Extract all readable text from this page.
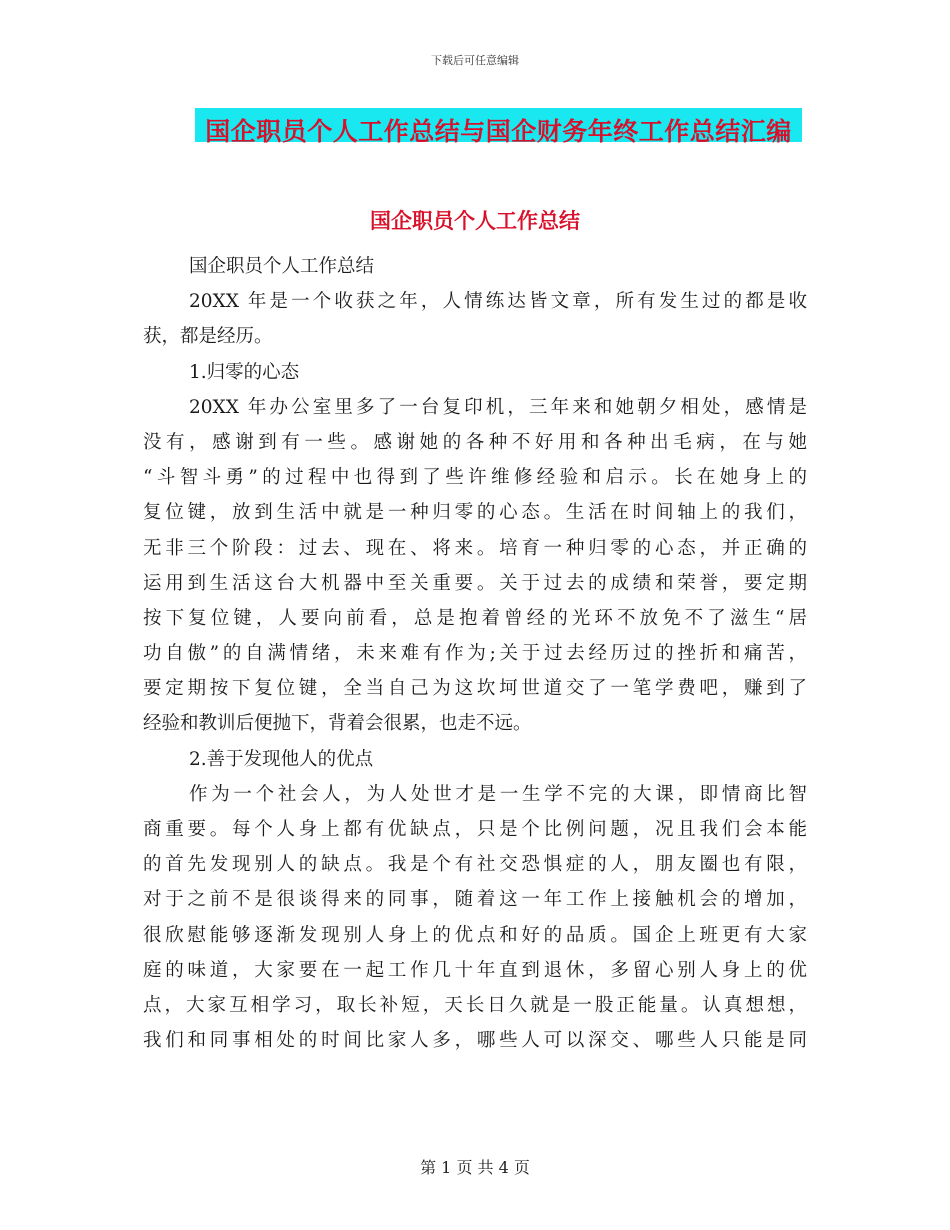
下载后可任意编辑
国企职员个人工作总结与国企财务年终工作总结汇编
国企职员个人工作总结
国企职员个人工作总结
20XX 年是一个收获之年，人情练达皆文章，所有发生过的都是收
获，都是经历。
1.归零的心态
20XX 年办公室里多了一台复印机，三年来和她朝夕相处，感情是
没有，感谢到有一些。感谢她的各种不好用和各种出毛病，在与她
“斗智斗勇”的过程中也得到了些许维修经验和启示。长在她身上的
复位键，放到生活中就是一种归零的心态。生活在时间轴上的我们，
无非三个阶段：过去、现在、将来。培育一种归零的心态，并正确的
运用到生活这台大机器中至关重要。关于过去的成绩和荣誉，要定期
按下复位键，人要向前看，总是抱着曾经的光环不放免不了滋生“居
功自傲”的自满情绪，未来难有作为;关于过去经历过的挫折和痛苦，
要定期按下复位键，全当自己为这坎坷世道交了一笔学费吧，赚到了
经验和教训后便抛下，背着会很累，也走不远。
2.善于发现他人的优点
作为一个社会人，为人处世才是一生学不完的大课，即情商比智
商重要。每个人身上都有优缺点，只是个比例问题，况且我们会本能
的首先发现别人的缺点。我是个有社交恐惧症的人，朋友圈也有限，
对于之前不是很谈得来的同事，随着这一年工作上接触机会的增加，
很欣慰能够逐渐发现别人身上的优点和好的品质。国企上班更有大家
庭的味道，大家要在一起工作几十年直到退休，多留心别人身上的优
点，大家互相学习，取长补短，天长日久就是一股正能量。认真想想，
我们和同事相处的时间比家人多，哪些人可以深交、哪些人只能是同
第 1 页 共 4 页
